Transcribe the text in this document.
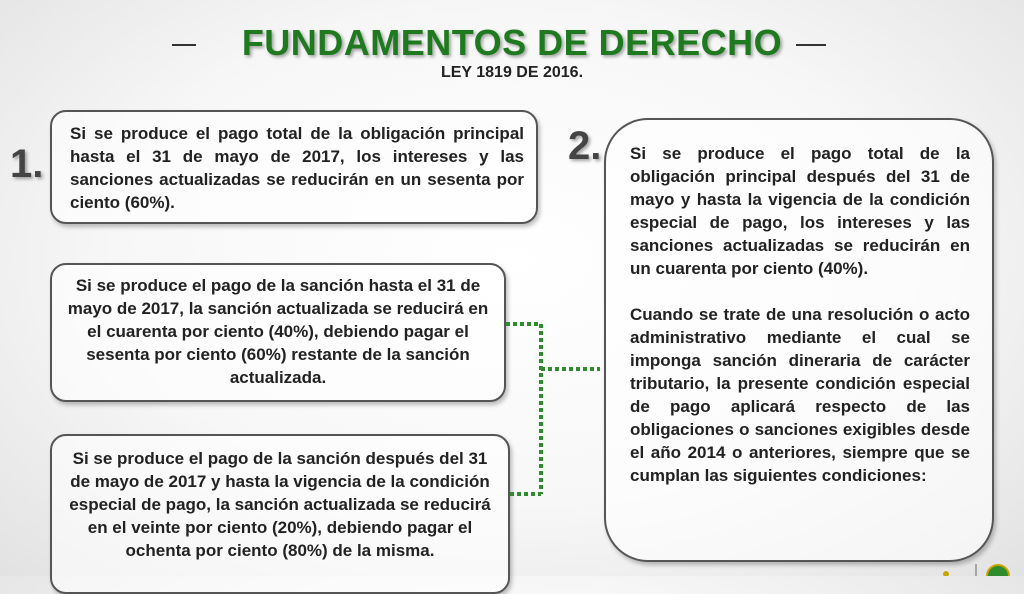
FUNDAMENTOS DE DERECHO
LEY 1819 DE 2016.
1.	2.

Si se produce el pago total de la obligación principal hasta el 31 de mayo de 2017, los intereses y las sanciones actualizadas se reducirán en un sesenta por ciento (60%).

Si se produce el pago de la sanción hasta el 31 de mayo de 2017, la sanción actualizada se reducirá en el cuarenta por ciento (40%), debiendo pagar el sesenta por ciento (60%) restante de la sanción actualizada.

Si se produce el pago de la sanción después del 31 de mayo de 2017 y hasta la vigencia de la condición especial de pago, la sanción actualizada se reducirá en el veinte por ciento (20%), debiendo pagar el ochenta por ciento (80%) de la misma.

Si se produce el pago total de la obligación principal después del 31 de mayo y hasta la vigencia de la condición especial de pago, los intereses y las sanciones actualizadas se reducirán en un cuarenta por ciento (40%).

Cuando se trate de una resolución o acto administrativo mediante el cual se imponga sanción dineraria de carácter tributario, la presente condición especial de pago aplicará respecto de las obligaciones o sanciones exigibles desde el año 2014 o anteriores, siempre que se cumplan las siguientes condiciones:
